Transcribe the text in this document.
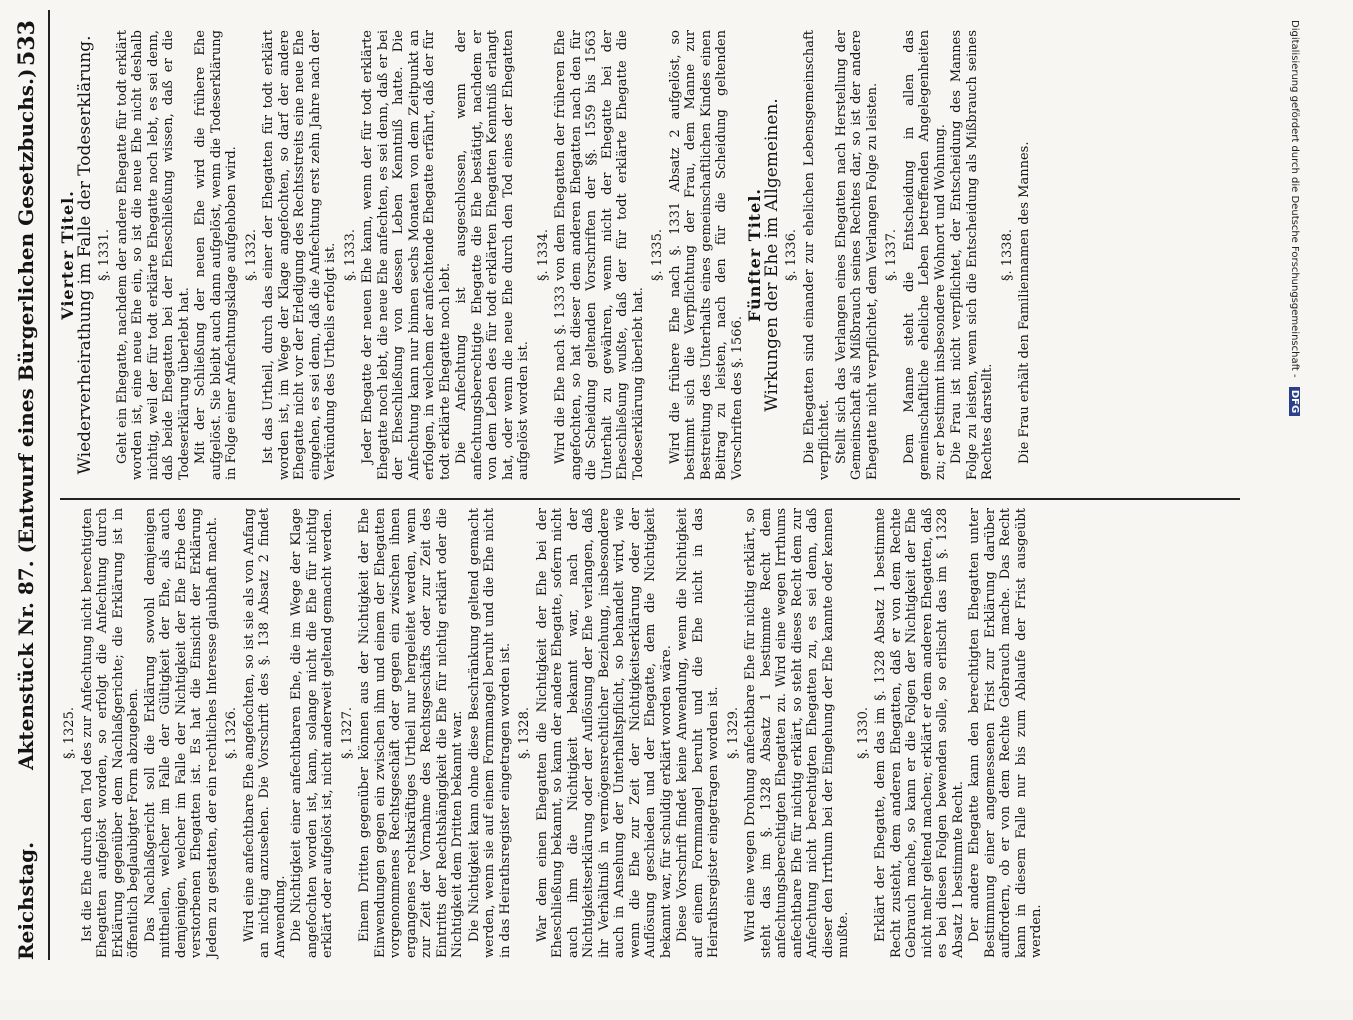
Reichstag.
Aktenstück Nr. 87. (Entwurf eines Bürgerlichen Gesetzbuchs.)
533
§. 1325. Ist die Ehe durch den Tod des zur Anfechtung nicht berechtigten Ehegatten aufgelöst worden, so erfolgt die Anfechtung durch Erklärung gegenüber dem Nachlaßgerichte; die Erklärung ist in öffentlich beglaubigter Form abzugeben. Das Nachlaßgericht soll die Erklärung sowohl demjenigen mittheilen, welcher im Falle der Gültigkeit der Ehe, als auch demjenigen, welcher im Falle der Nichtigkeit der Ehe Erbe des verstorbenen Ehegatten ist. Es hat die Einsicht der Erklärung Jedem zu gestatten, der ein rechtliches Interesse glaubhaft macht. §. 1326. Wird eine anfechtbare Ehe angefochten, so ist sie als von Anfang an nichtig anzusehen. Die Vorschrift des §. 138 Absatz 2 findet Anwendung. Die Nichtigkeit einer anfechtbaren Ehe, die im Wege der Klage angefochten worden ist, kann, solange nicht die Ehe für nichtig erklärt oder aufgelöst ist, nicht anderweit geltend gemacht werden. §. 1327. Einem Dritten gegenüber können aus der Nichtigkeit der Ehe Einwendungen gegen ein zwischen ihm und einem der Ehegatten vorgenommenes Rechtsgeschäft oder gegen ein zwischen ihnen ergangenes rechtskräftiges Urtheil nur hergeleitet werden, wenn zur Zeit der Vornahme des Rechtsgeschäfts oder zur Zeit des Eintritts der Rechtshängigkeit die Ehe für nichtig erklärt oder die Nichtigkeit dem Dritten bekannt war. Die Nichtigkeit kann ohne diese Beschränkung geltend gemacht werden, wenn sie auf einem Formmangel beruht und die Ehe nicht in das Heirathsregister eingetragen worden ist. §. 1328. War dem einen Ehegatten die Nichtigkeit der Ehe bei der Eheschließung bekannt, so kann der andere Ehegatte, sofern nicht auch ihm die Nichtigkeit bekannt war, nach der Nichtigkeitserklärung oder der Auflösung der Ehe verlangen, daß ihr Verhältniß in vermögensrechtlicher Beziehung, insbesondere auch in Ansehung der Unterhaltspflicht, so behandelt wird, wie wenn die Ehe zur Zeit der Nichtigkeitserklärung oder der Auflösung geschieden und der Ehegatte, dem die Nichtigkeit bekannt war, für schuldig erklärt worden wäre. Diese Vorschrift findet keine Anwendung, wenn die Nichtigkeit auf einem Formmangel beruht und die Ehe nicht in das Heirathsregister eingetragen worden ist. §. 1329. Wird eine wegen Drohung anfechtbare Ehe für nichtig erklärt, so steht das im §. 1328 Absatz 1 bestimmte Recht dem anfechtungsberechtigten Ehegatten zu. Wird eine wegen Irrthums anfechtbare Ehe für nichtig erklärt, so steht dieses Recht dem zur Anfechtung nicht berechtigten Ehegatten zu, es sei denn, daß dieser den Irrthum bei der Eingehung der Ehe kannte oder kennen mußte.
§. 1330. Erklärt der Ehegatte, dem das im §. 1328 Absatz 1 bestimmte Recht zusteht, dem anderen Ehegatten, daß er von dem Rechte Gebrauch mache, so kann er die Folgen der Nichtigkeit der Ehe nicht mehr geltend machen; erklärt er dem anderen Ehegatten, daß es bei diesen Folgen bewenden solle, so erlischt das im §. 1328 Absatz 1 bestimmte Recht. Der andere Ehegatte kann den berechtigten Ehegatten unter Bestimmung einer angemessenen Frist zur Erklärung darüber auffordern, ob er von dem Rechte Gebrauch mache. Das Recht kann in diesem Falle nur bis zum Ablaufe der Frist ausgeübt werden.
Vierter Titel.
Wiederverheirathung im Falle der Todeserklärung. §. 1331. Geht ein Ehegatte, nachdem der andere Ehegatte für todt erklärt worden ist, eine neue Ehe ein, so ist die neue Ehe nicht deshalb nichtig, weil der für todt erklärte Ehegatte noch lebt, es sei denn, daß beide Ehegatten bei der Eheschließung wissen, daß er die Todeserklärung überlebt hat. Mit der Schließung der neuen Ehe wird die frühere Ehe aufgelöst. Sie bleibt auch dann aufgelöst, wenn die Todeserklärung in Folge einer Anfechtungsklage aufgehoben wird. §. 1332. Ist das Urtheil, durch das einer der Ehegatten für todt erklärt worden ist, im Wege der Klage angefochten, so darf der andere Ehegatte nicht vor der Erledigung des Rechtsstreits eine neue Ehe eingehen, es sei denn, daß die Anfechtung erst zehn Jahre nach der Verkündung des Urtheils erfolgt ist. §. 1333. Jeder Ehegatte der neuen Ehe kann, wenn der für todt erklärte Ehegatte noch lebt, die neue Ehe anfechten, es sei denn, daß er bei der Eheschließung von dessen Leben Kenntniß hatte. Die Anfechtung kann nur binnen sechs Monaten von dem Zeitpunkt an erfolgen, in welchem der anfechtende Ehegatte erfährt, daß der für todt erklärte Ehegatte noch lebt. Die Anfechtung ist ausgeschlossen, wenn der anfechtungsberechtigte Ehegatte die Ehe bestätigt, nachdem er von dem Leben des für todt erklärten Ehegatten Kenntniß erlangt hat, oder wenn die neue Ehe durch den Tod eines der Ehegatten aufgelöst worden ist.
§. 1334. Wird die Ehe nach §. 1333 von dem Ehegatten der früheren Ehe angefochten, so hat dieser dem anderen Ehegatten nach den für die Scheidung geltenden Vorschriften der §§. 1559 bis 1563 Unterhalt zu gewähren, wenn nicht der Ehegatte bei der Eheschließung wußte, daß der für todt erklärte Ehegatte die Todeserklärung überlebt hat.
§. 1335. Wird die frühere Ehe nach §. 1331 Absatz 2 aufgelöst, so bestimmt sich die Verpflichtung der Frau, dem Manne zur Bestreitung des Unterhalts eines gemeinschaftlichen Kindes einen Beitrag zu leisten, nach den für die Scheidung geltenden Vorschriften des §. 1566.
Fünfter Titel.
Wirkungen der Ehe im Allgemeinen. §. 1336. Die Ehegatten sind einander zur ehelichen Lebensgemeinschaft verpflichtet. Stellt sich das Verlangen eines Ehegatten nach Herstellung der Gemeinschaft als Mißbrauch seines Rechtes dar, so ist der andere Ehegatte nicht verpflichtet, dem Verlangen Folge zu leisten. §. 1337. Dem Manne steht die Entscheidung in allen das gemeinschaftliche eheliche Leben betreffenden Angelegenheiten zu; er bestimmt insbesondere Wohnort und Wohnung. Die Frau ist nicht verpflichtet, der Entscheidung des Mannes Folge zu leisten, wenn sich die Entscheidung als Mißbrauch seines Rechtes darstellt.
§. 1338. Die Frau erhält den Familiennamen des Mannes.	Digitalisierung gefördert durch die Deutsche Forschungsgemeinschaft - DFG
